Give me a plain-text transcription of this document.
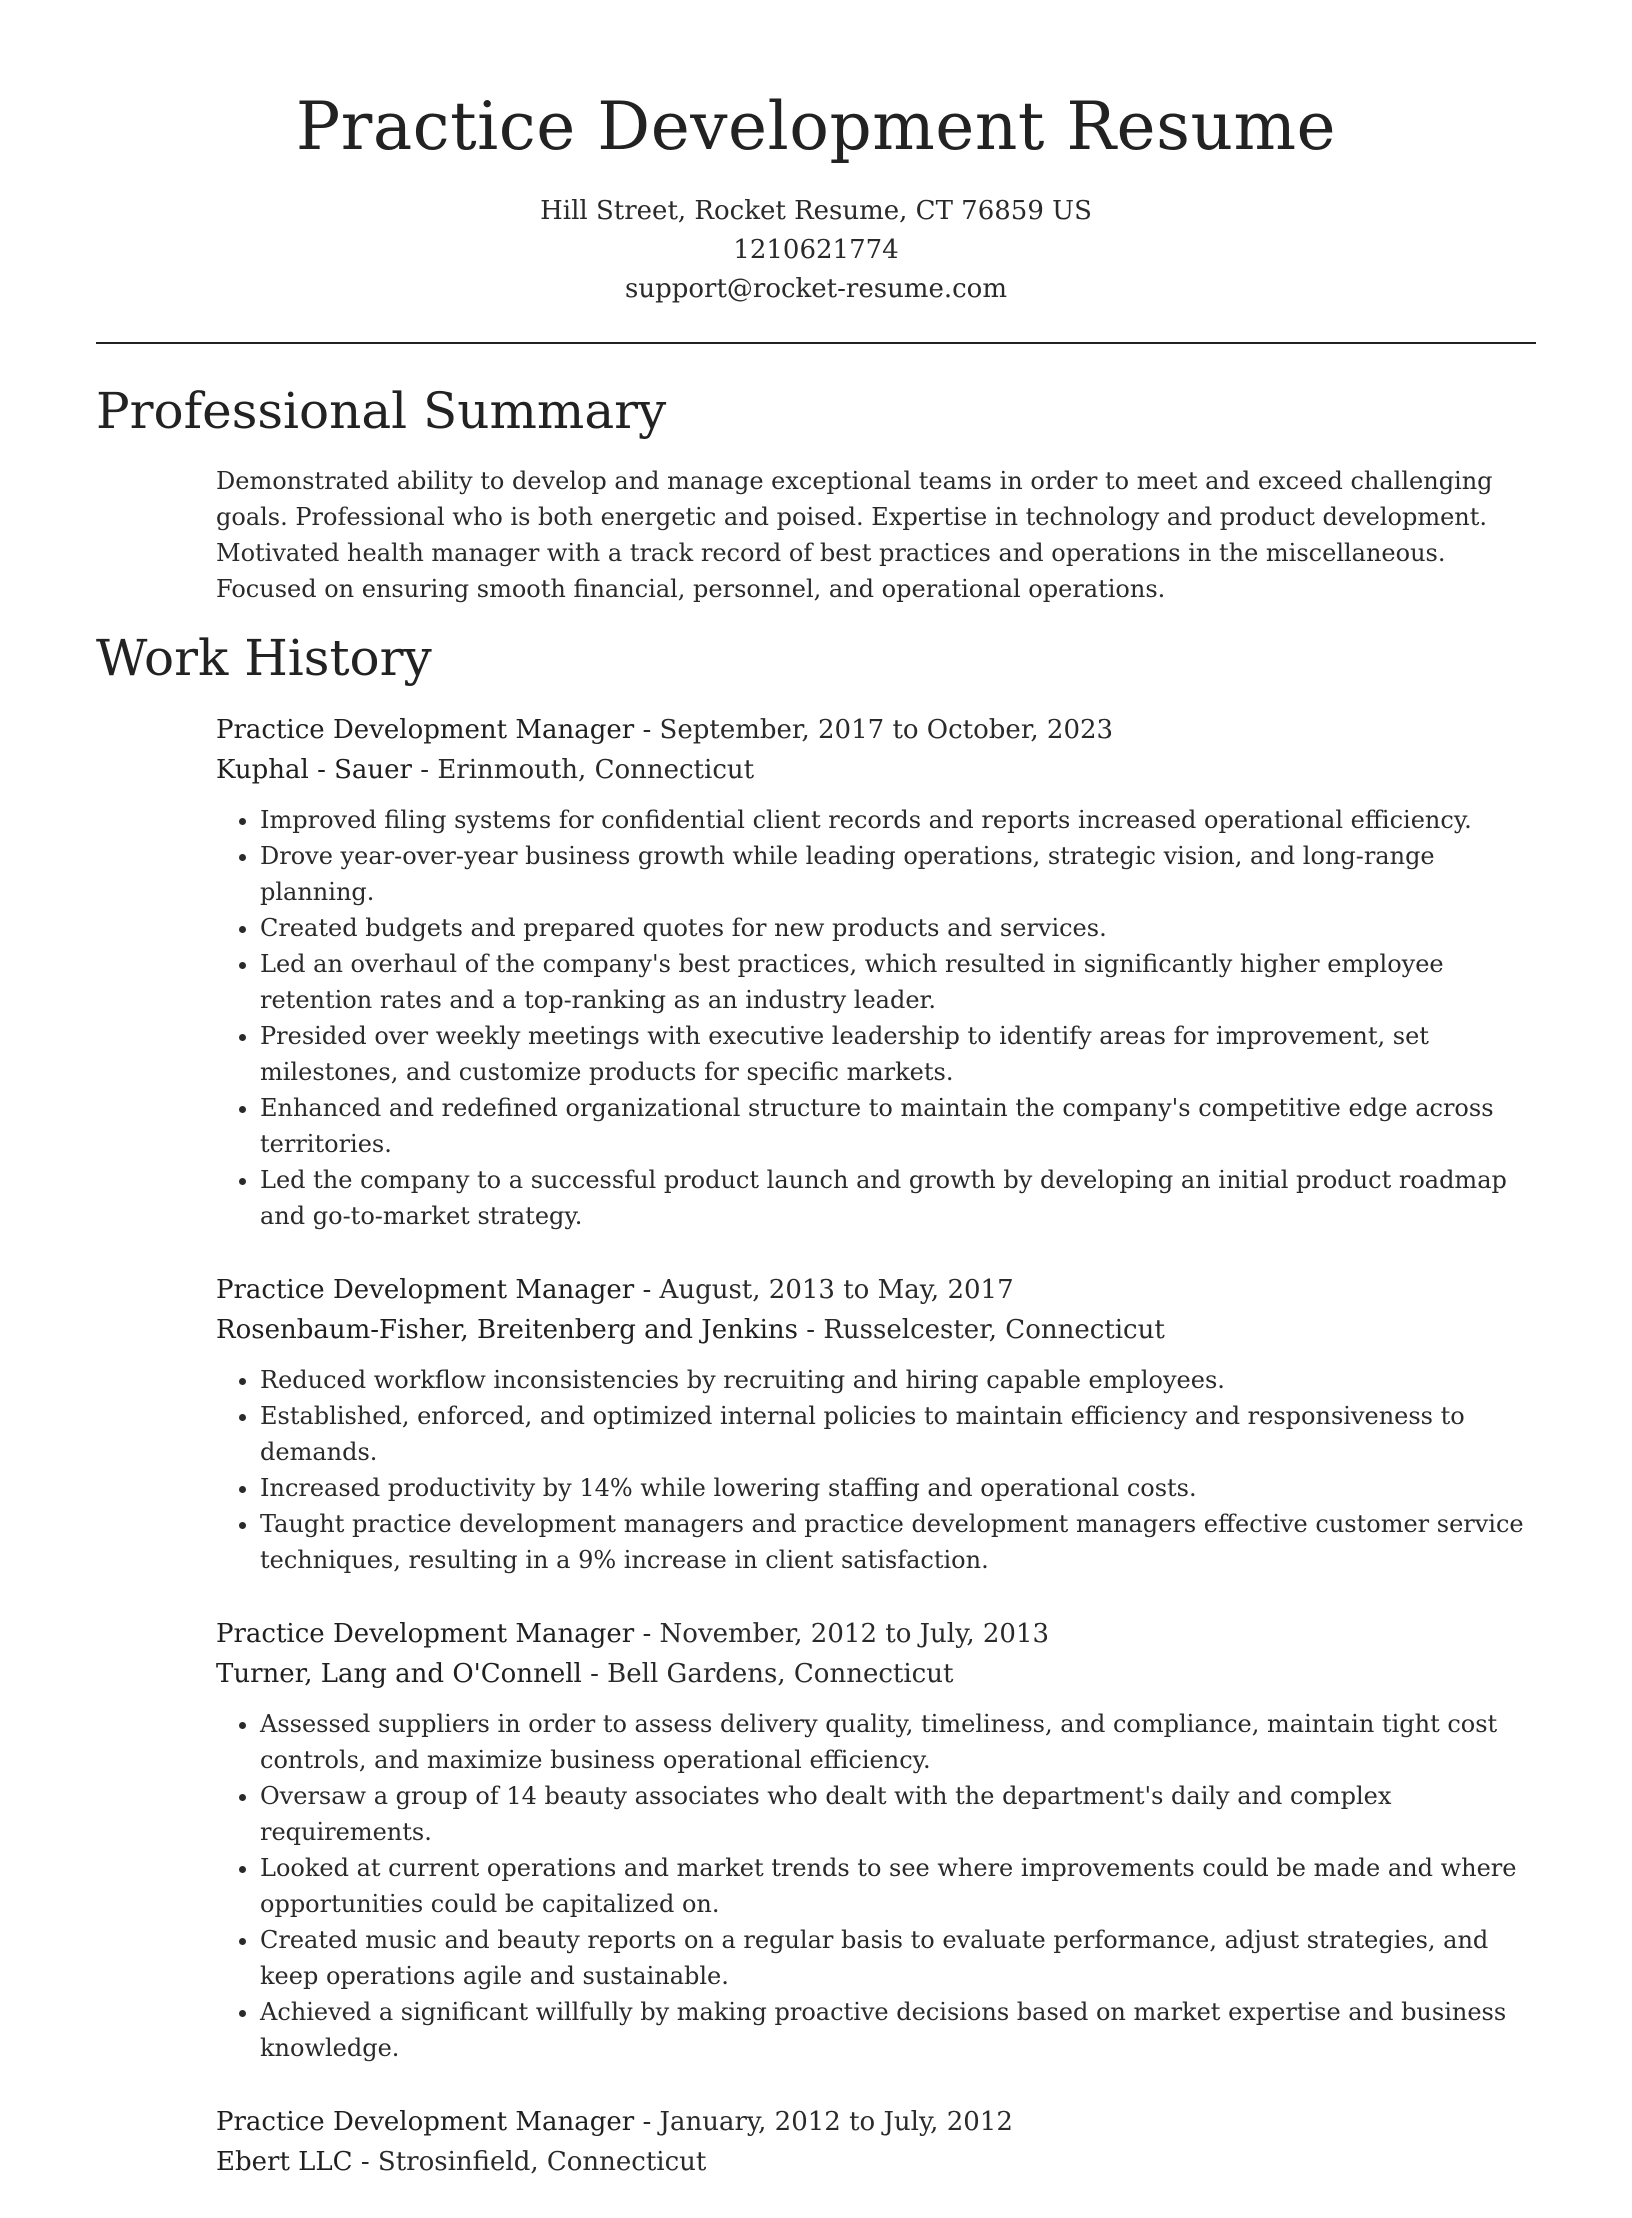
Practice Development Resume
Hill Street, Rocket Resume, CT 76859 US
1210621774
support@rocket-resume.com
Professional Summary

Demonstrated ability to develop and manage exceptional teams in order to meet and exceed challenging goals. Professional who is both energetic and poised. Expertise in technology and product development. Motivated health manager with a track record of best practices and operations in the miscellaneous. Focused on ensuring smooth financial, personnel, and operational operations.

Work History
Practice Development Manager - September, 2017 to October, 2023
Kuphal - Sauer - Erinmouth, Connecticut
• Improved filing systems for confidential client records and reports increased operational efficiency.
• Drove year-over-year business growth while leading operations, strategic vision, and long-range planning.
• Created budgets and prepared quotes for new products and services.
• Led an overhaul of the company's best practices, which resulted in significantly higher employee retention rates and a top-ranking as an industry leader.
• Presided over weekly meetings with executive leadership to identify areas for improvement, set milestones, and customize products for specific markets.
• Enhanced and redefined organizational structure to maintain the company's competitive edge across territories.
• Led the company to a successful product launch and growth by developing an initial product roadmap and go-to-market strategy.
Practice Development Manager - August, 2013 to May, 2017
Rosenbaum-Fisher, Breitenberg and Jenkins - Russelcester, Connecticut
• Reduced workflow inconsistencies by recruiting and hiring capable employees.
• Established, enforced, and optimized internal policies to maintain efficiency and responsiveness to demands.
• Increased productivity by 14% while lowering staffing and operational costs.
• Taught practice development managers and practice development managers effective customer service techniques, resulting in a 9% increase in client satisfaction.
Practice Development Manager - November, 2012 to July, 2013
Turner, Lang and O'Connell - Bell Gardens, Connecticut
• Assessed suppliers in order to assess delivery quality, timeliness, and compliance, maintain tight cost controls, and maximize business operational efficiency.
• Oversaw a group of 14 beauty associates who dealt with the department's daily and complex requirements.
• Looked at current operations and market trends to see where improvements could be made and where opportunities could be capitalized on.
• Created music and beauty reports on a regular basis to evaluate performance, adjust strategies, and keep operations agile and sustainable.
• Achieved a significant willfully by making proactive decisions based on market expertise and business knowledge.
Practice Development Manager - January, 2012 to July, 2012
Ebert LLC - Strosinfield, Connecticut
